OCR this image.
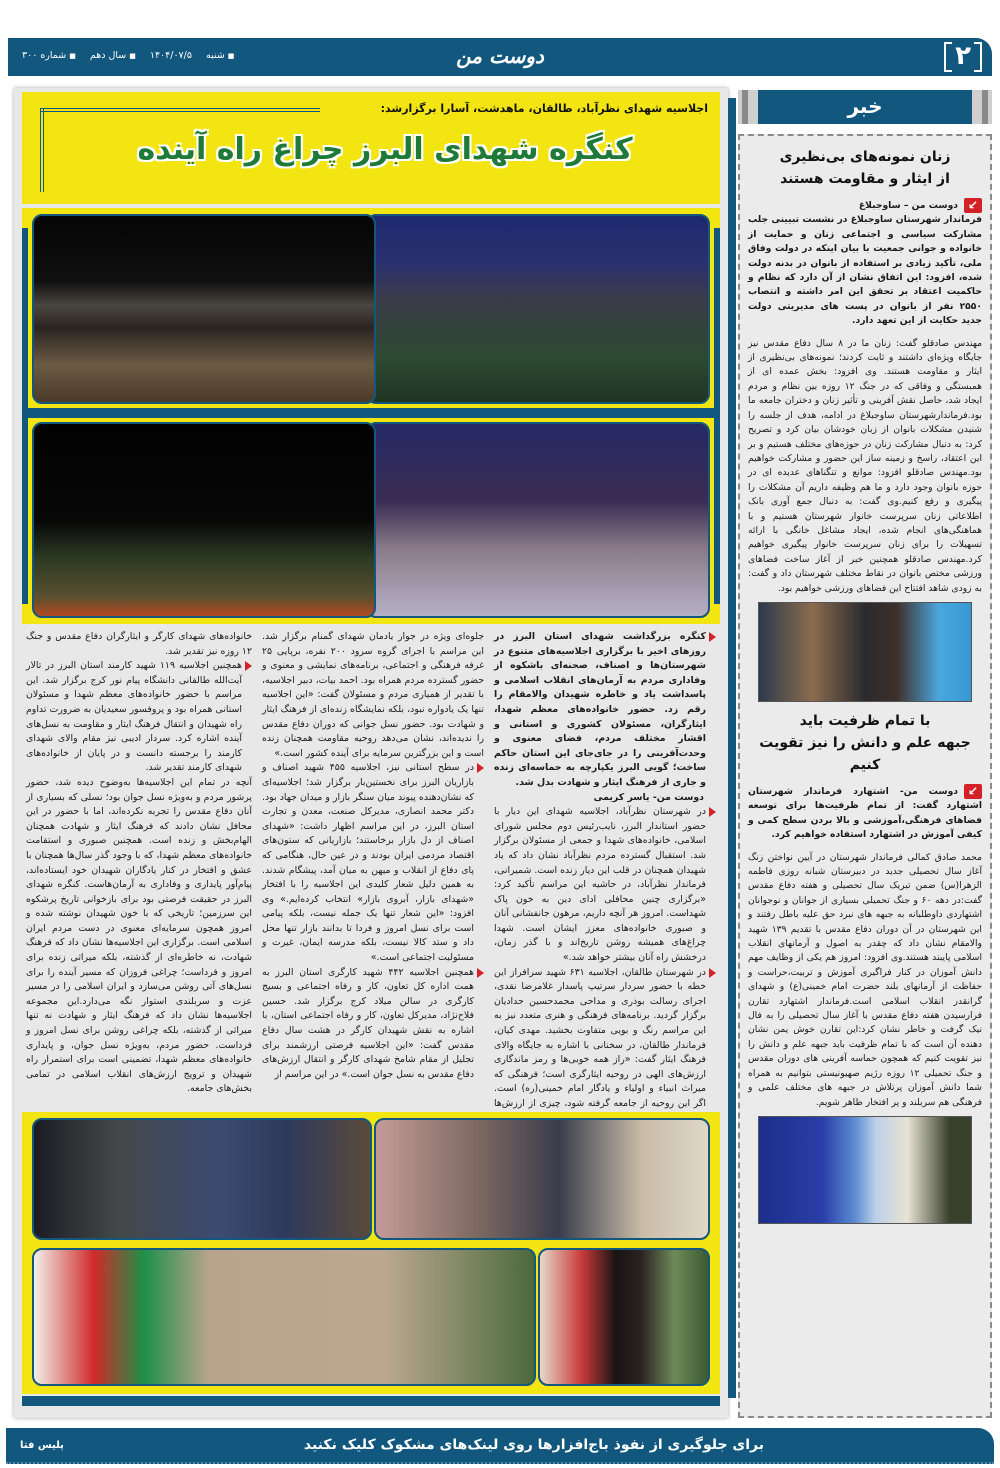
۲
دوست من
■ شنبه
۱۴۰۴/۰۷/۵
■ سال دهم
■ شماره ۳۰۰
اجلاسیه شهدای نظرآباد، طالقان، ماهدشت، آسارا برگزارشد:
کنگره شهدای البرز چراغ راه آینده

کنگره بزرگداشت شهدای استان البرز در روزهای اخیر با برگزاری اجلاسیه‌های متنوع در شهرستان‌ها و اصناف، صحنه‌ای باشکوه از وفاداری مردم به آرمان‌های انقلاب اسلامی و پاسداشت یاد و خاطره شهیدان والامقام را رقم زد. حضور خانواده‌های معظم شهدا، ایثارگران، مسئولان کشوری و استانی و اقشار مختلف مردم، فضای معنوی و وحدت‌آفرینی را در جای‌جای این استان حاکم ساخت؛ گویی البرز یکپارچه به حماسه‌ای زنده و جاری از فرهنگ ایثار و شهادت بدل شد.

دوست من- یاسر کریمی

در شهرستان نظرآباد، اجلاسیه شهدای این دیار با حضور استاندار البرز، نایب‌رئیس دوم مجلس شورای اسلامی، خانواده‌های شهدا و جمعی از مسئولان برگزار شد. استقبال گسترده مردم نظرآباد نشان داد که یاد شهیدان همچنان در قلب این دیار زنده است. شمیرانی، فرماندار نظرآباد، در حاشیه این مراسم تأکید کرد: «برگزاری چنین محافلی ادای دین به خون پاک شهداست. امروز هر آنچه داریم، مرهون جانفشانی آنان و صبوری خانواده‌های معزز ایشان است. شهدا چراغ‌های همیشه روشن تاریخ‌اند و با گذر زمان، درخشش راه آنان بیشتر خواهد شد.»

در شهرستان طالقان، اجلاسیه ۶۳۱ شهید سرافراز این خطه با حضور سردار سرتیپ پاسدار غلامرضا نقدی، اجرای رسالت بوذری و مداحی محمدحسین حدادیان برگزار گردید. برنامه‌های فرهنگی و هنری متعدد نیز به این مراسم رنگ و بویی متفاوت بخشید. مهدی کیان، فرماندار طالقان، در سخنانی با اشاره به جایگاه والای فرهنگ ایثار گفت: «راز همه خوبی‌ها و رمز ماندگاری ارزش‌های الهی در روحیه ایثارگری است؛ فرهنگی که میراث انبیاء و اولیاء و یادگار امام خمینی(ره) است. اگر این روحیه از جامعه گرفته شود، چیزی از ارزش‌ها

جلوه‌ای ویژه در جوار یادمان شهدای گمنام برگزار شد. این مراسم با اجرای گروه سرود ۲۰۰ نفره، برپایی ۲۵ غرفه فرهنگی و اجتماعی، برنامه‌های نمایشی و معنوی و حضور گسترده مردم همراه بود. احمد بیات، دبیر اجلاسیه، با تقدیر از همیاری مردم و مسئولان گفت: «این اجلاسیه تنها یک یادواره نبود، بلکه نمایشگاه زنده‌ای از فرهنگ ایثار و شهادت بود. حضور نسل جوانی که دوران دفاع مقدس را ندیده‌اند، نشان می‌دهد روحیه مقاومت همچنان زنده است و این بزرگترین سرمایه برای آینده کشور است.»

در سطح استانی نیز، اجلاسیه ۴۵۵ شهید اصناف و بازاریان البرز برای نخستین‌بار برگزار شد؛ اجلاسیه‌ای که نشان‌دهنده پیوند میان سنگر بازار و میدان جهاد بود. دکتر محمد انصاری، مدیرکل صنعت، معدن و تجارت استان البرز، در این مراسم اظهار داشت: «شهدای اصناف از دل بازار برخاستند؛ بازاریانی که ستون‌های اقتصاد مردمی ایران بودند و در عین حال، هنگامی که پای دفاع از انقلاب و میهن به میان آمد، پیشگام شدند. به همین دلیل شعار کلیدی این اجلاسیه را با افتخار «شهدای بازار، آبروی بازار» انتخاب کرده‌ایم.» وی افزود: «این شعار تنها یک جمله نیست، بلکه پیامی است برای نسل امروز و فردا تا بدانند بازار تنها محل داد و ستد کالا نیست، بلکه مدرسه ایمان، غیرت و مسئولیت اجتماعی است.»

همچنین اجلاسیه ۴۴۲ شهید کارگری استان البرز به همت اداره کل تعاون، کار و رفاه اجتماعی و بسیج کارگری در سالن میلاد کرج برگزار شد. حسین فلاح‌نژاد، مدیرکل تعاون، کار و رفاه اجتماعی استان، با اشاره به نقش شهیدان کارگر در هشت سال دفاع مقدس گفت: «این اجلاسیه فرصتی ارزشمند برای تجلیل از مقام شامخ شهدای کارگر و انتقال ارزش‌های دفاع مقدس به نسل جوان است.» در این مراسم از

خانواده‌های شهدای کارگر و ایثارگران دفاع مقدس و جنگ ۱۲ روزه نیز تقدیر شد.

همچنین اجلاسیه ۱۱۹ شهید کارمند استان البرز در تالار آیت‌الله طالقانی دانشگاه پیام نور کرج برگزار شد. این مراسم با حضور خانواده‌های معظم شهدا و مسئولان استانی همراه بود و پروفسور سعیدیان به ضرورت تداوم راه شهیدان و انتقال فرهنگ ایثار و مقاومت به نسل‌های آینده اشاره کرد. سردار ادیبی نیز مقام والای شهدای کارمند را برجسته دانست و در پایان از خانواده‌های شهدای کارمند تقدیر شد.

آنچه در تمام این اجلاسیه‌ها به‌وضوح دیده شد، حضور پرشور مردم و به‌ویژه نسل جوان بود؛ نسلی که بسیاری از آنان دفاع مقدس را تجربه نکرده‌اند، اما با حضور در این محافل نشان دادند که فرهنگ ایثار و شهادت همچنان الهام‌بخش و زنده است. همچنین صبوری و استقامت خانواده‌های معظم شهدا، که با وجود گذر سال‌ها همچنان با عشق و افتخار در کنار یادگاران شهیدان خود ایستاده‌اند، پیام‌آور پایداری و وفاداری به آرمان‌هاست. کنگره شهدای البرز در حقیقت فرصتی بود برای بازخوانی تاریخ پرشکوه این سرزمین؛ تاریخی که با خون شهیدان نوشته شده و امروز همچون سرمایه‌ای معنوی در دست مردم ایران اسلامی است. برگزاری این اجلاسیه‌ها نشان داد که فرهنگ شهادت، نه خاطره‌ای از گذشته، بلکه میراثی زنده برای امروز و فرداست؛ چراغی فروزان که مسیر آینده را برای نسل‌های آتی روشن می‌سازد و ایران اسلامی را در مسیر عزت و سربلندی استوار نگه می‌دارد.این مجموعه اجلاسیه‌ها نشان داد که فرهنگ ایثار و شهادت نه تنها میراثی از گذشته، بلکه چراغی روشن برای نسل امروز و فرداست. حضور مردم، به‌ویژه نسل جوان، و پایداری خانواده‌های معظم شهدا، تضمینی است برای استمرار راه شهیدان و ترویج ارزش‌های انقلاب اسلامی در تمامی بخش‌های جامعه.

خبر
زنان نمونه‌های بی‌نظیری
از ایثار و مقاومت هستند
↙دوست من – ساوجبلاغ
فرماندار شهرستان ساوجبلاغ در نشست تبیینی جلب مشارکت سیاسی و اجتماعی زنان و حمایت از خانواده و جوانی جمعیت با بیان اینکه در دولت وفاق ملی، تأکید زیادی بر استفاده از بانوان در بدنه دولت شده، افزود: این اتفاق نشان از آن دارد که نظام و حاکمیت اعتقاد بر تحقق این امر داشته و انتصاب ۲۵۵۰ نفر از بانوان در پست های مدیریتی دولت جدید حکایت از این تعهد دارد.
مهندس صادقلو گفت: زنان ما در ۸ سال دفاع مقدس نیز جایگاه ویژه‌ای داشتند و ثابت کردند؛ نمونه‌های بی‌نظیری از ایثار و مقاومت هستند. وی افزود: بخش عمده ای از همبستگی و وفاقی که در جنگ ۱۲ روزه بین نظام و مردم ایجاد شد، حاصل نقش آفرینی و تأثیر زنان و دختران جامعه ما بود.فرماندارشهرستان ساوجبلاغ در ادامه، هدف از جلسه را شنیدن مشکلات بانوان از زبان خودشان بیان کرد و تصریح کرد: به دنبال مشارکت زنان در حوزه‌های مختلف هستیم و بر این اعتقاد، راسخ و زمینه ساز این حضور و مشارکت خواهیم بود.مهندس صادقلو افزود: موانع و تنگناهای عدیده ای در حوزه بانوان وجود دارد و ما هم وظیفه داریم آن مشکلات را پیگیری و رفع کنیم.وی گفت: به دنبال جمع آوری بانک اطلاعاتی زنان سرپرست خانوار شهرستان هستیم و با هماهنگی‌های انجام شده، ایجاد مشاغل خانگی با ارائه تسهیلات را برای زنان سرپرست خانوار پیگیری خواهیم کرد.مهندس صادقلو همچنین خبر از آغاز ساخت فضاهای ورزشی مختص بانوان در نقاط مختلف شهرستان داد و گفت: به زودی شاهد افتتاح این فضاهای ورزشی خواهیم بود.
با تمام ظرفیت باید
جبهه علم و دانش را نیز تقویت کنیم
↙دوست من- اشتهارد فرماندار شهرستان اشتهارد گفت: از تمام ظرفیت‌ها برای توسعه فضاهای فرهنگی،آموزشی و بالا بردن سطح کمی و کیفی آموزش در اشتهارد استفاده خواهیم کرد.
محمد صادق کمالی فرماندار شهرستان در آیین نواختن زنگ آغاز سال تحصیلی جدید در دبیرستان شبانه روزی فاطمه الزهرا(س) ضمن تبریک سال تحصیلی و هفته دفاع مقدس گفت:در دهه ۶۰ و جنگ تحمیلی بسیاری از جوانان و نوجوانان اشتهاردی داوطلبانه به جبهه های نبرد حق علیه باطل رفتند و این شهرستان در آن دوران دفاع مقدس با تقدیم ۱۳۹ شهید والامقام نشان داد که چقدر به اصول و آرمانهای انقلاب اسلامی پایبند هستند.وی افزود: امروز هم یکی از وظایف مهم دانش آموزان در کنار فراگیری آموزش و تربیت،حراست و حفاظت از آرمانهای بلند حضرت امام خمینی(ع) و شهدای گرانقدر انقلاب اسلامی است.فرماندار اشتهارد تقارن فرارسیدن هفته دفاع مقدس با آغاز سال تحصیلی را به فال نیک گرفت و خاطر نشان کرد:این تقارن خوش یمن نشان دهنده آن است که با تمام ظرفیت باید جبهه علم و دانش را نیز تقویت کنیم که همچون حماسه آفرینی های دوران مقدس و جنگ تحمیلی ۱۲ روزه رژیم صهیونیستی بتوانیم به همراه شما دانش آموزان پرتلاش در جبهه های مختلف علمی و فرهنگی هم سربلند و پر افتخار ظاهر شویم.
برای جلوگیری از نفوذ باج‌افزارها روی لینک‌های مشکوک کلیک نکنید
پلیس فتا
